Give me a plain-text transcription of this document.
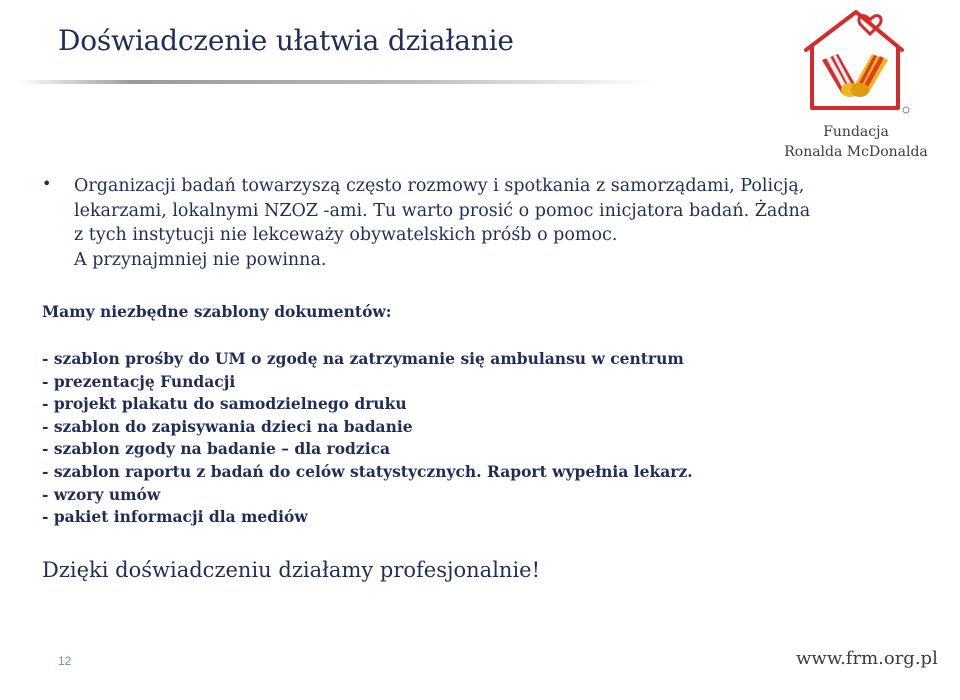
Doświadczenie ułatwia działanie
Fundacja
Ronalda McDonalda
• Organizacji badań towarzyszą często rozmowy i spotkania z samorządami, Policją,
lekarzami, lokalnymi NZOZ -ami. Tu warto prosić o pomoc inicjatora badań. Żadna
z tych instytucji nie lekceważy obywatelskich próśb o pomoc.
A przynajmniej nie powinna.
Mamy niezbędne szablony dokumentów:
- szablon prośby do UM o zgodę na zatrzymanie się ambulansu w centrum
- prezentację Fundacji
- projekt plakatu do samodzielnego druku
- szablon do zapisywania dzieci na badanie
- szablon zgody na badanie – dla rodzica
- szablon raportu z badań do celów statystycznych. Raport wypełnia lekarz.
- wzory umów
- pakiet informacji dla mediów
Dzięki doświadczeniu działamy profesjonalnie!
12	www.frm.org.pl
